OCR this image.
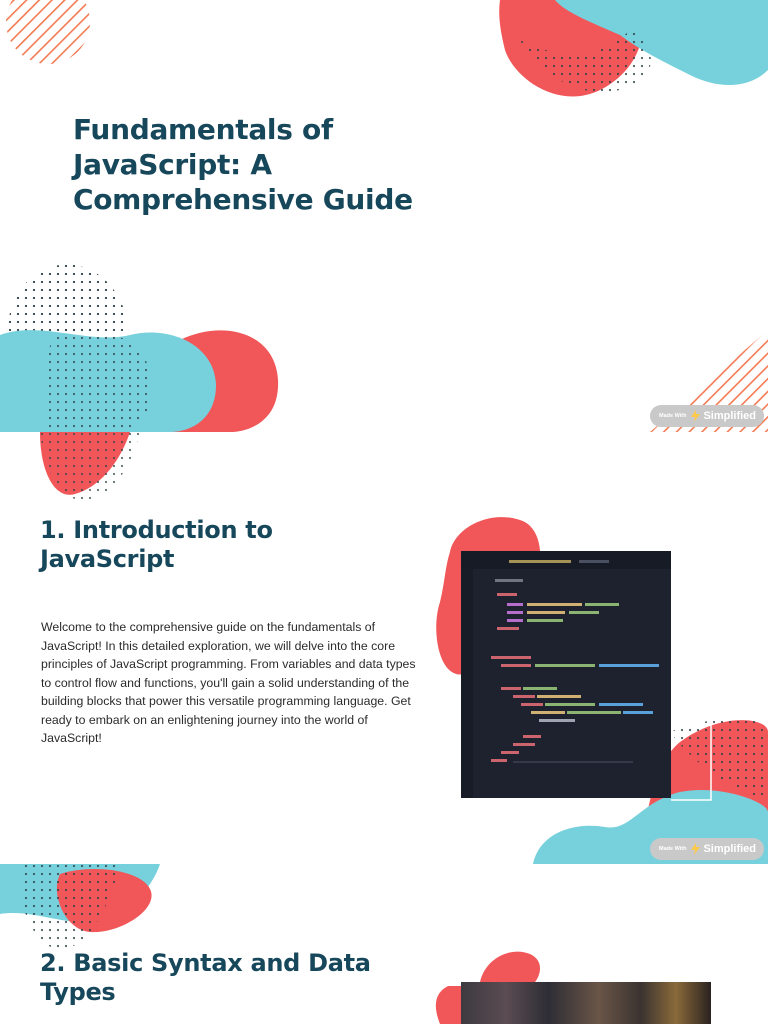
Fundamentals of JavaScript: A Comprehensive Guide
Made With Simplified
1. Introduction to JavaScript

Welcome to the comprehensive guide on the fundamentals of JavaScript! In this detailed exploration, we will delve into the core principles of JavaScript programming. From variables and data types to control flow and functions, you'll gain a solid understanding of the building blocks that power this versatile programming language. Get ready to embark on an enlightening journey into the world of JavaScript!

Made With Simplified
2. Basic Syntax and Data Types
